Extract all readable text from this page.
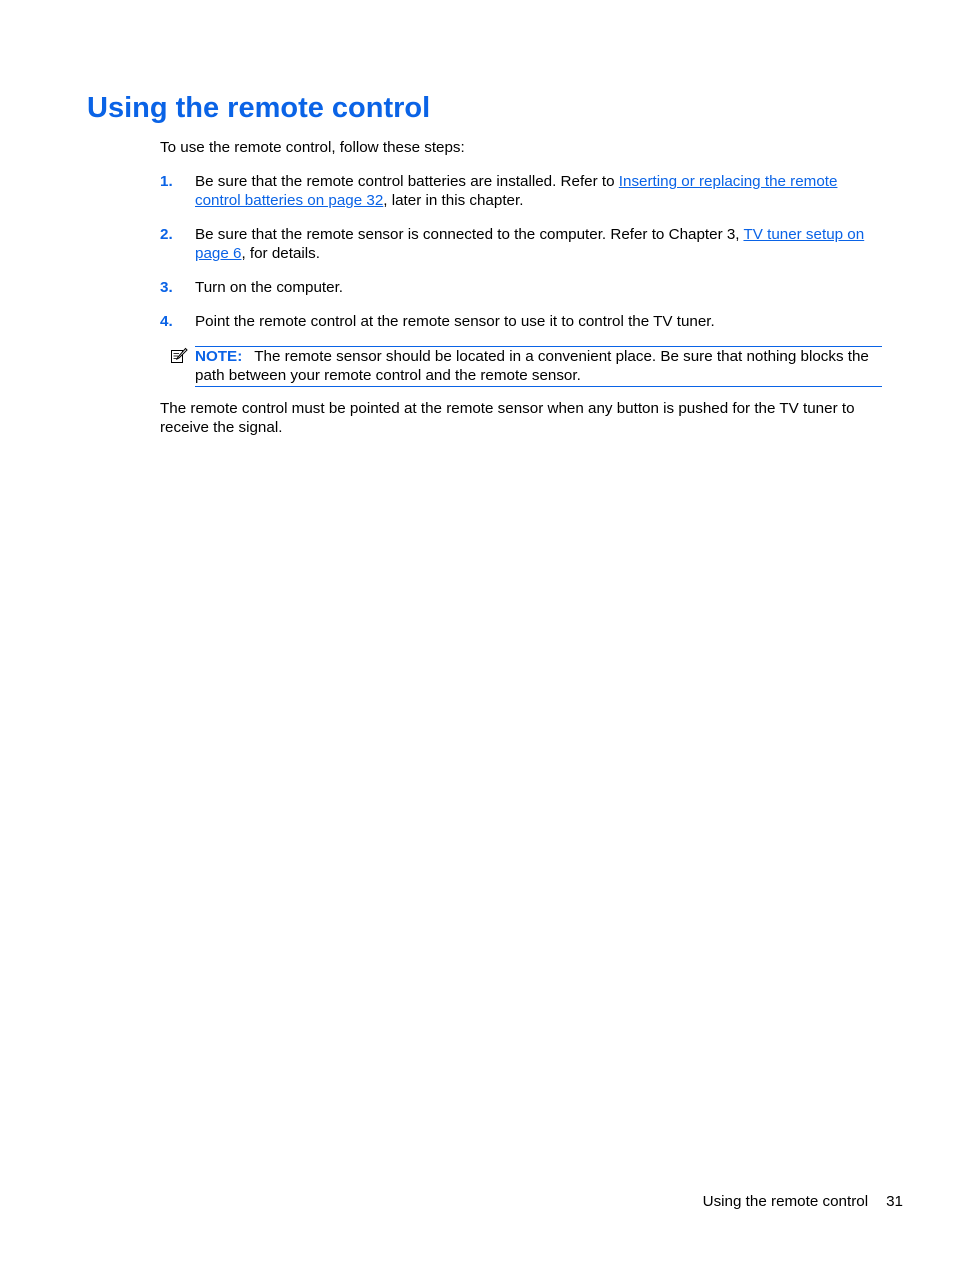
Using the remote control

To use the remote control, follow these steps:

1. Be sure that the remote control batteries are installed. Refer to Inserting or replacing the remote control batteries on page 32, later in this chapter.
2. Be sure that the remote sensor is connected to the computer. Refer to Chapter 3, TV tuner setup on page 6, for details.
3. Turn on the computer.
4. Point the remote control at the remote sensor to use it to control the TV tuner.
NOTE: The remote sensor should be located in a convenient place. Be sure that nothing blocks the path between your remote control and the remote sensor.

The remote control must be pointed at the remote sensor when any button is pushed for the TV tuner to receive the signal.

Using the remote control 31
